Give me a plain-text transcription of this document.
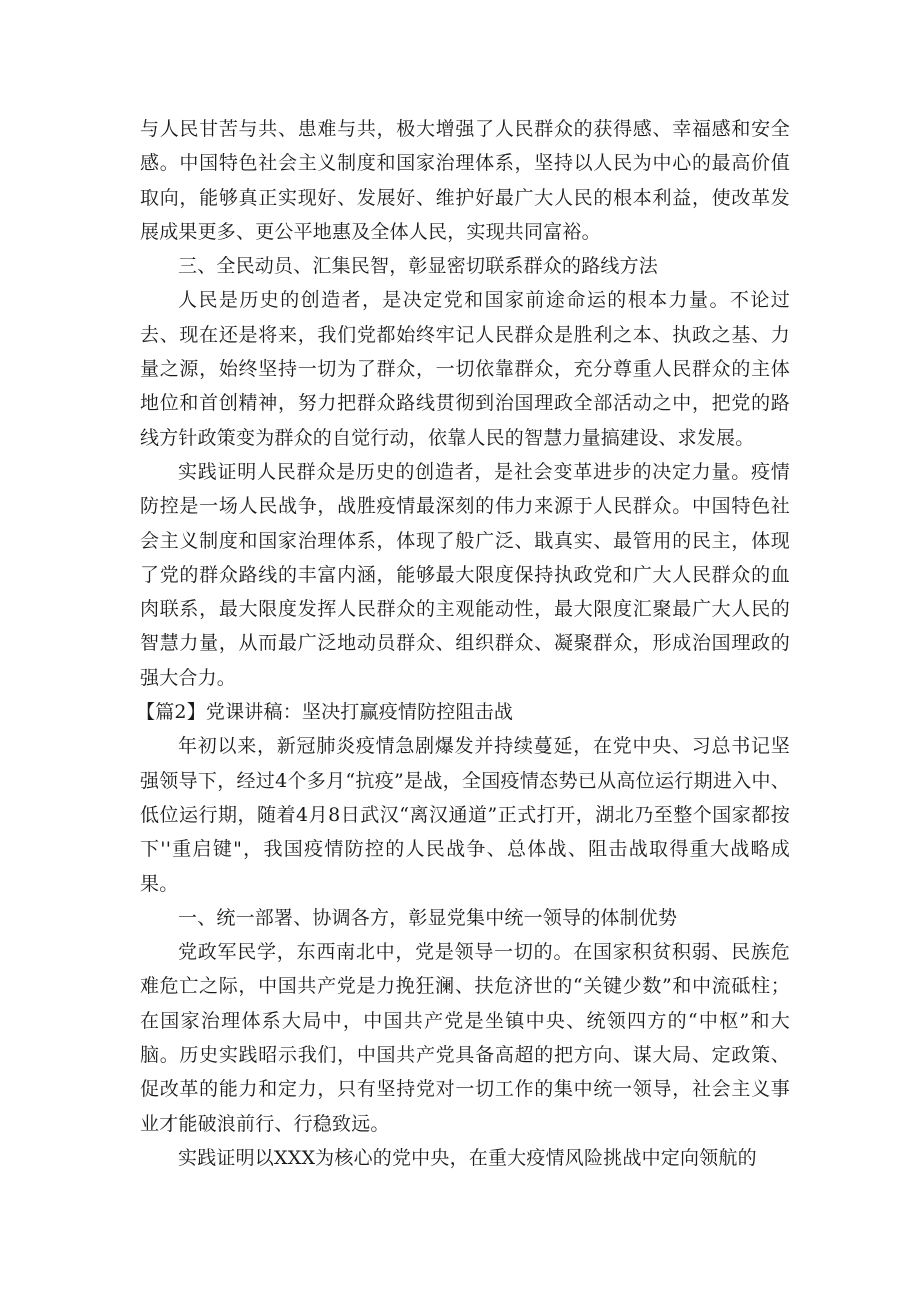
与人民甘苦与共、患难与共，极大增强了人民群众的获得感、幸福感和安全感。中国特色社会主义制度和国家治理体系，坚持以人民为中心的最高价值取向，能够真正实现好、发展好、维护好最广大人民的根本利益，使改革发展成果更多、更公平地惠及全体人民，实现共同富裕。

三、全民动员、汇集民智，彰显密切联系群众的路线方法

人民是历史的创造者，是决定党和国家前途命运的根本力量。不论过去、现在还是将来，我们党都始终牢记人民群众是胜利之本、执政之基、力量之源，始终坚持一切为了群众，一切依靠群众，充分尊重人民群众的主体地位和首创精神，努力把群众路线贯彻到治国理政全部活动之中，把党的路线方针政策变为群众的自觉行动，依靠人民的智慧力量搞建设、求发展。

实践证明人民群众是历史的创造者，是社会变革进步的决定力量。疫情防控是一场人民战争，战胜疫情最深刻的伟力来源于人民群众。中国特色社会主义制度和国家治理体系，体现了般广泛、戢真实、最管用的民主，体现了党的群众路线的丰富内涵，能够最大限度保持执政党和广大人民群众的血肉联系，最大限度发挥人民群众的主观能动性，最大限度汇聚最广大人民的智慧力量，从而最广泛地动员群众、组织群众、凝聚群众，形成治国理政的强大合力。

【篇2】党课讲稿：坚决打赢疫情防控阻击战

年初以来，新冠肺炎疫情急剧爆发并持续蔓延，在党中央、习总书记坚强领导下，经过4个多月“抗疫”是战，全国疫情态势已从高位运行期进入中、低位运行期，随着4月8日武汉“离汉通道”正式打开，湖北乃至整个国家都按下''重启键"，我国疫情防控的人民战争、总体战、阻击战取得重大战略成果。

一、统一部署、协调各方，彰显党集中统一领导的体制优势

党政军民学，东西南北中，党是领导一切的。在国家积贫积弱、民族危难危亡之际，中国共产党是力挽狂澜、扶危济世的“关键少数”和中流砥柱；在国家治理体系大局中，中国共产党是坐镇中央、统领四方的“中枢”和大脑。历史实践昭示我们，中国共产党具备高超的把方向、谋大局、定政策、促改革的能力和定力，只有坚持党对一切工作的集中统一领导，社会主义事业才能破浪前行、行稳致远。

实践证明以XXX为核心的党中央，在重大疫情风险挑战中定向领航的
